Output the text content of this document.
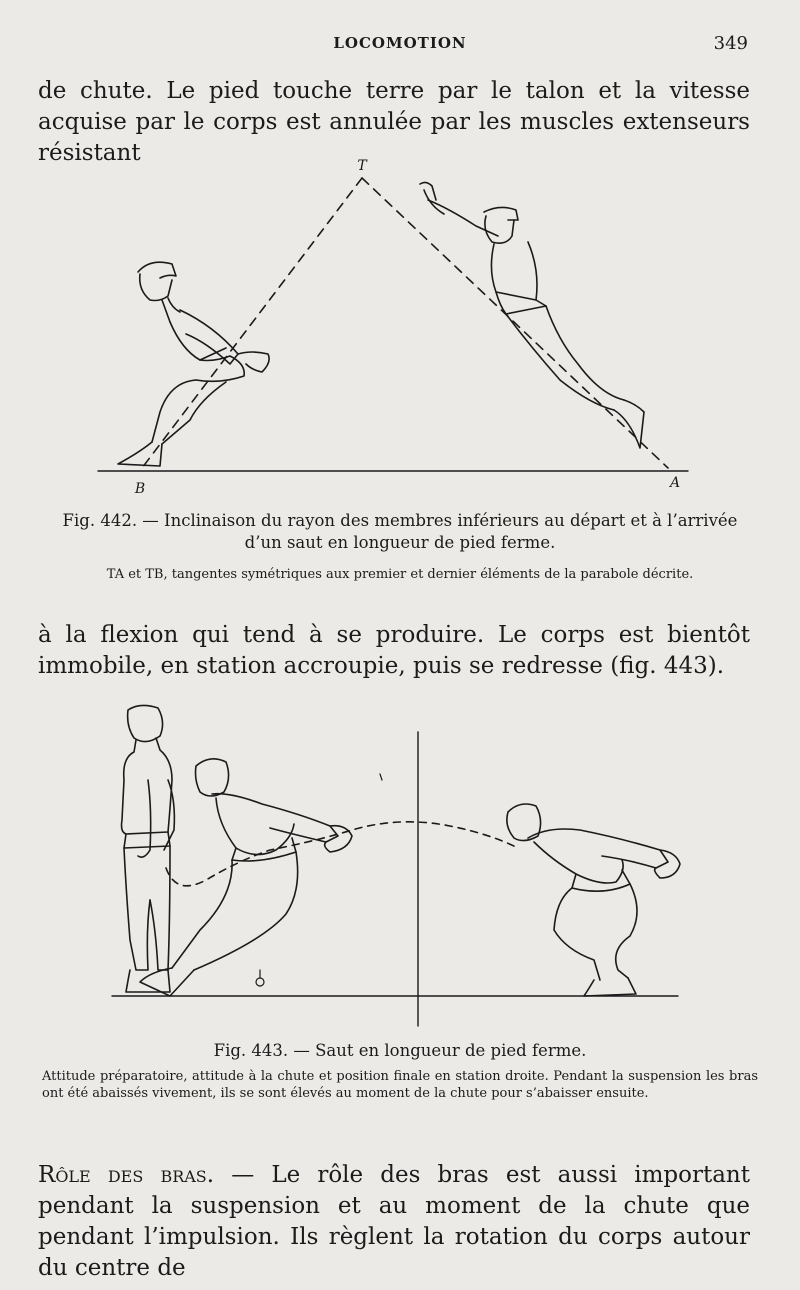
LOCOMOTION	349

de chute. Le pied touche terre par le talon et la vitesse acquise par le corps est annulée par les muscles extenseurs résistant	T
B	A
Fig. 442. — Inclinaison du rayon des membres inférieurs au départ et à l’arrivée d’un saut en longueur de pied ferme.
TA et TB, tangentes symétriques aux premier et dernier éléments de la parabole décrite.

à la flexion qui tend à se produire. Le corps est bientôt immobile, en station accroupie, puis se redresse (fig. 443).

Fig. 443. — Saut en longueur de pied ferme.
Attitude préparatoire, attitude à la chute et position finale en station droite. Pendant la suspension les bras ont été abaissés vivement, ils se sont élevés au moment de la chute pour s’abaisser ensuite.

Rôle des bras. — Le rôle des bras est aussi important pendant la suspension et au moment de la chute que pendant l’impulsion. Ils règlent la rotation du corps autour du centre de
